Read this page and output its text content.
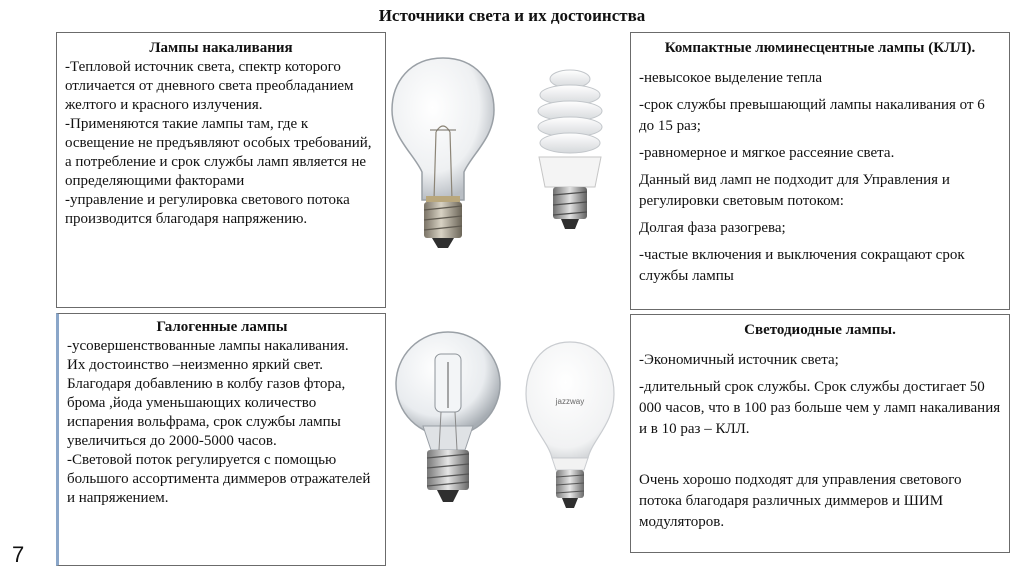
Источники света и их достоинства
Лампы накаливания

-Тепловой источник света, спектр которого отличается от дневного света преобладанием желтого и красного излучения.

-Применяются такие лампы там, где к освещение не предъявляют особых требований, а потребление и срок службы ламп является не определяющими факторами

-управление и регулировка светового потока производится благодаря напряжению.

Галогенные лампы

-усовершенствованные лампы накаливания.

Их достоинство –неизменно яркий свет. Благодаря добавлению в колбу газов фтора, брома ,йода уменьшающих количество испарения вольфрама, срок службы лампы увеличиться до 2000-5000 часов.

-Световой поток регулируется с помощью большого ассортимента диммеров отражателей и напряжением.

Компактные люминесцентные лампы (КЛЛ).

-невысокое выделение тепла

-срок службы превышающий лампы накаливания от 6 до 15 раз;

-равномерное и мягкое рассеяние света.

Данный вид ламп не подходит для Управления и регулировки световым потоком:

Долгая фаза разогрева;

-частые включения и выключения сокращают срок службы лампы

Светодиодные лампы.

-Экономичный источник света;

-длительный срок службы. Срок службы достигает 50 000 часов, что в 100 раз больше чем у ламп накаливания и в 10 раз – КЛЛ.

Очень хорошо подходят для управления светового потока благодаря различных диммеров и ШИМ модуляторов.

jazzway
7
